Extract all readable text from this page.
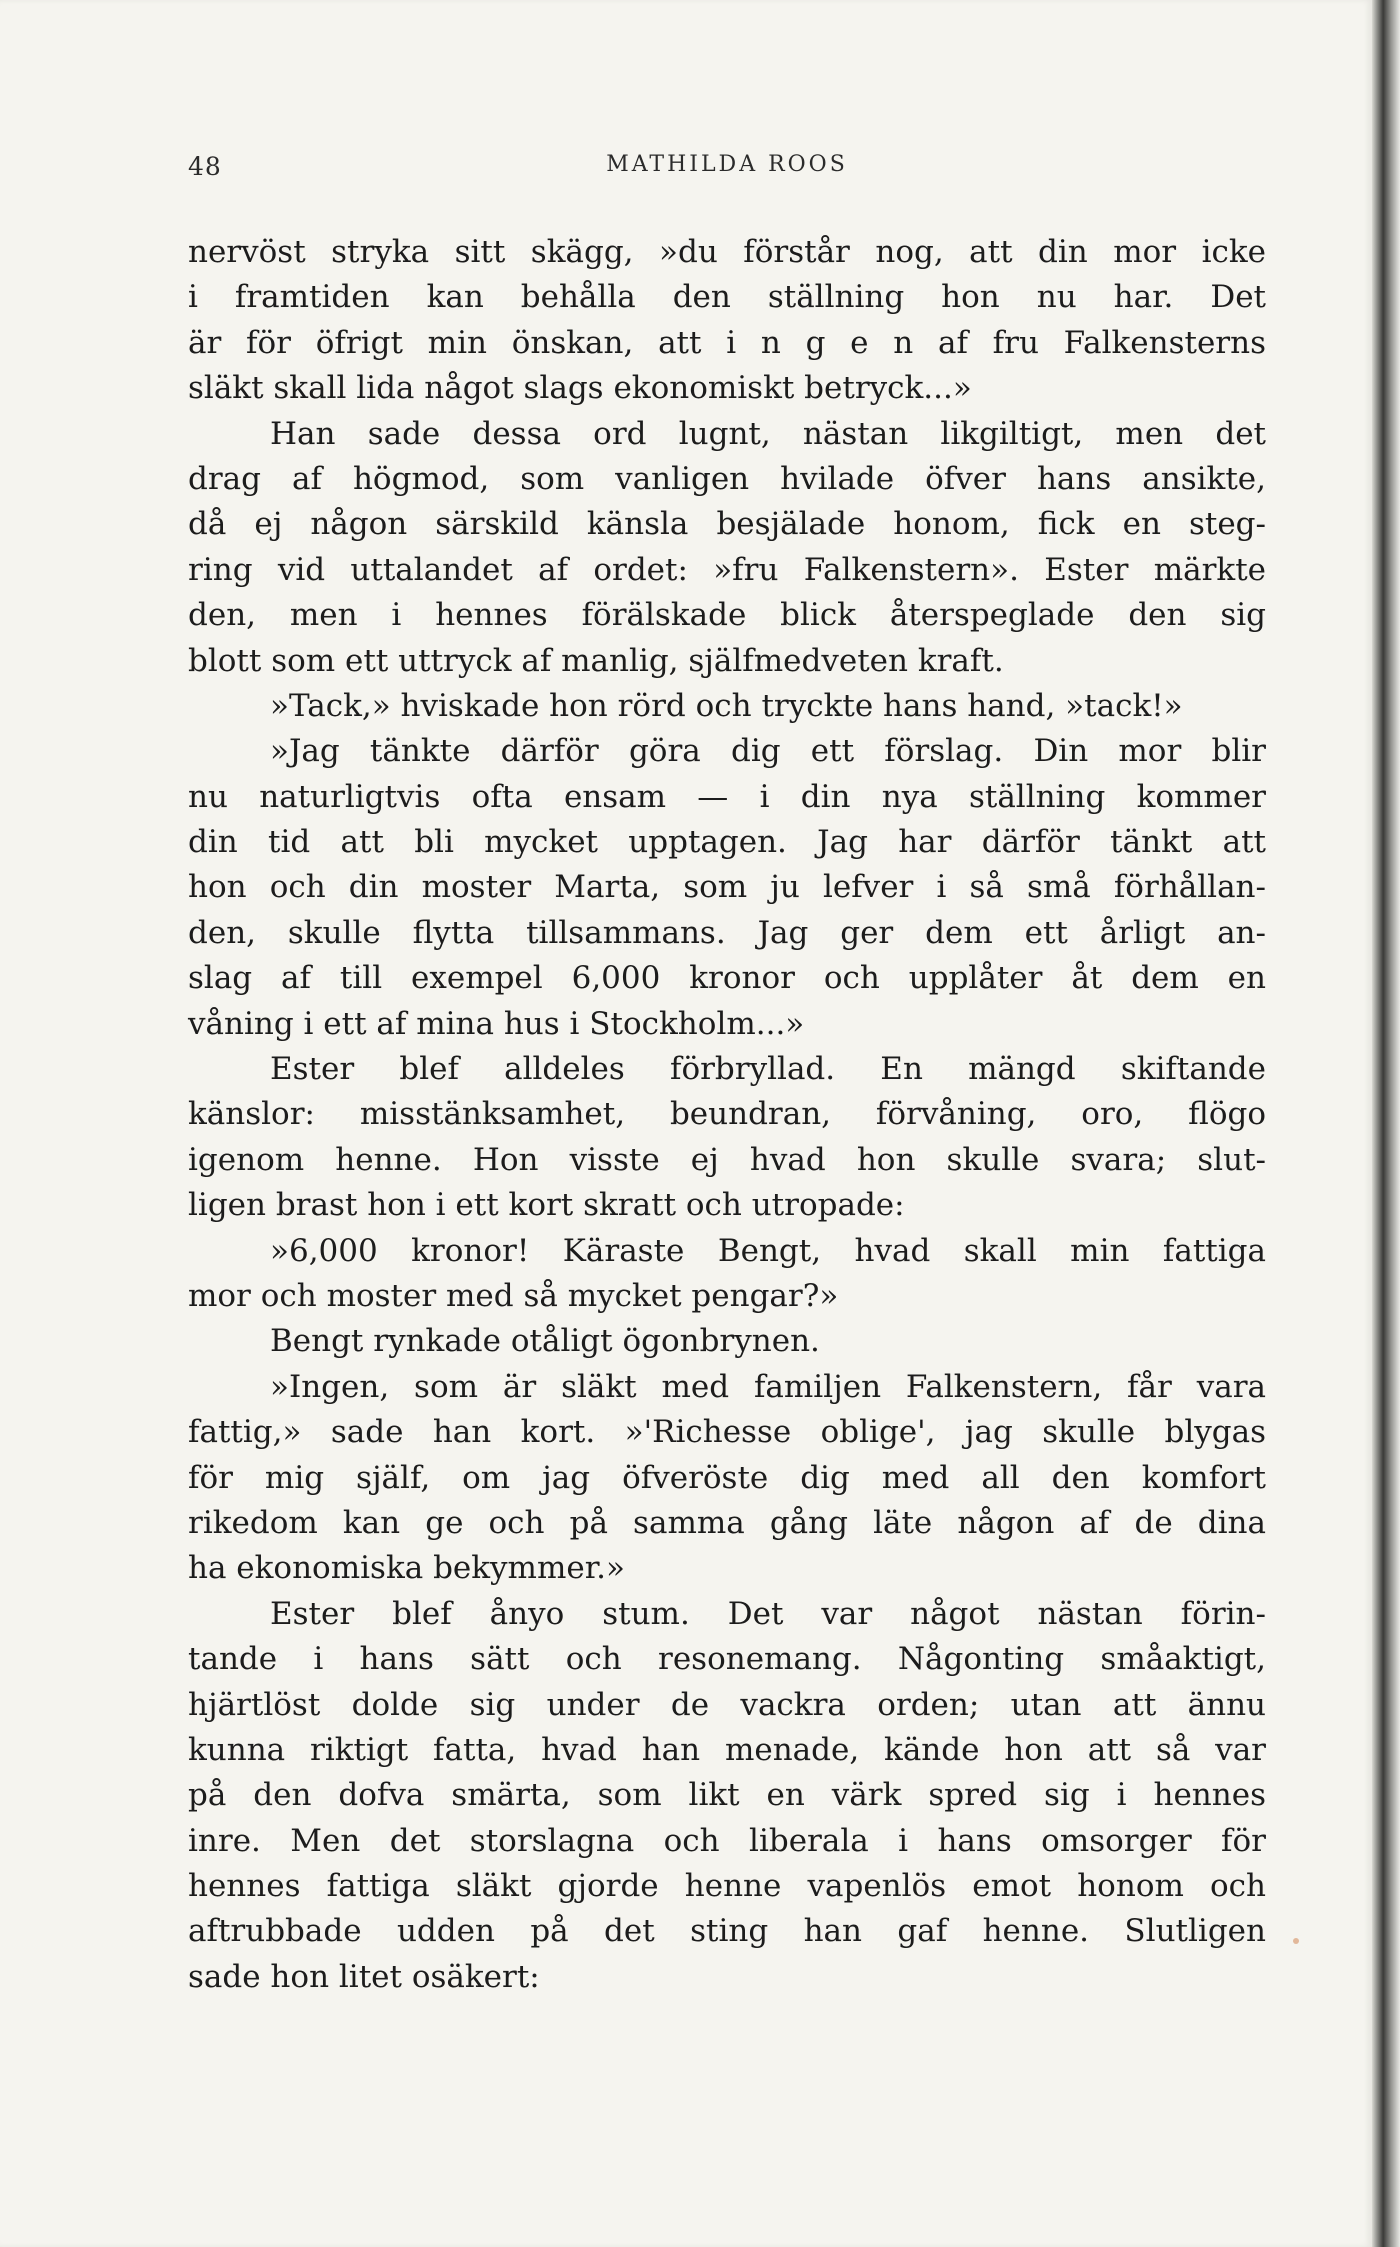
48	MATHILDA ROOS
nervöst stryka sitt skägg, »du förstår nog, att din mor icke
i framtiden kan behålla den ställning hon nu har. Det
är för öfrigt min önskan, att i n g e n af fru Falkensterns
släkt skall lida något slags ekonomiskt betryck...»
Han sade dessa ord lugnt, nästan likgiltigt, men det
drag af högmod, som vanligen hvilade öfver hans ansikte,
då ej någon särskild känsla besjälade honom, fick en steg-
ring vid uttalandet af ordet: »fru Falkenstern». Ester märkte
den, men i hennes förälskade blick återspeglade den sig
blott som ett uttryck af manlig, själfmedveten kraft.
»Tack,» hviskade hon rörd och tryckte hans hand, »tack!»
»Jag tänkte därför göra dig ett förslag. Din mor blir
nu naturligtvis ofta ensam — i din nya ställning kommer
din tid att bli mycket upptagen. Jag har därför tänkt att
hon och din moster Marta, som ju lefver i så små förhållan-
den, skulle flytta tillsammans. Jag ger dem ett årligt an-
slag af till exempel 6,000 kronor och upplåter åt dem en
våning i ett af mina hus i Stockholm...»
Ester blef alldeles förbryllad. En mängd skiftande
känslor: misstänksamhet, beundran, förvåning, oro, flögo
igenom henne. Hon visste ej hvad hon skulle svara; slut-
ligen brast hon i ett kort skratt och utropade:
»6,000 kronor! Käraste Bengt, hvad skall min fattiga
mor och moster med så mycket pengar?»
Bengt rynkade otåligt ögonbrynen.
»Ingen, som är släkt med familjen Falkenstern, får vara
fattig,» sade han kort. »'Richesse oblige', jag skulle blygas
för mig själf, om jag öfveröste dig med all den komfort
rikedom kan ge och på samma gång läte någon af de dina
ha ekonomiska bekymmer.»
Ester blef ånyo stum. Det var något nästan förin-
tande i hans sätt och resonemang. Någonting småaktigt,
hjärtlöst dolde sig under de vackra orden; utan att ännu
kunna riktigt fatta, hvad han menade, kände hon att så var
på den dofva smärta, som likt en värk spred sig i hennes
inre. Men det storslagna och liberala i hans omsorger för
hennes fattiga släkt gjorde henne vapenlös emot honom och
aftrubbade udden på det sting han gaf henne. Slutligen
sade hon litet osäkert:
